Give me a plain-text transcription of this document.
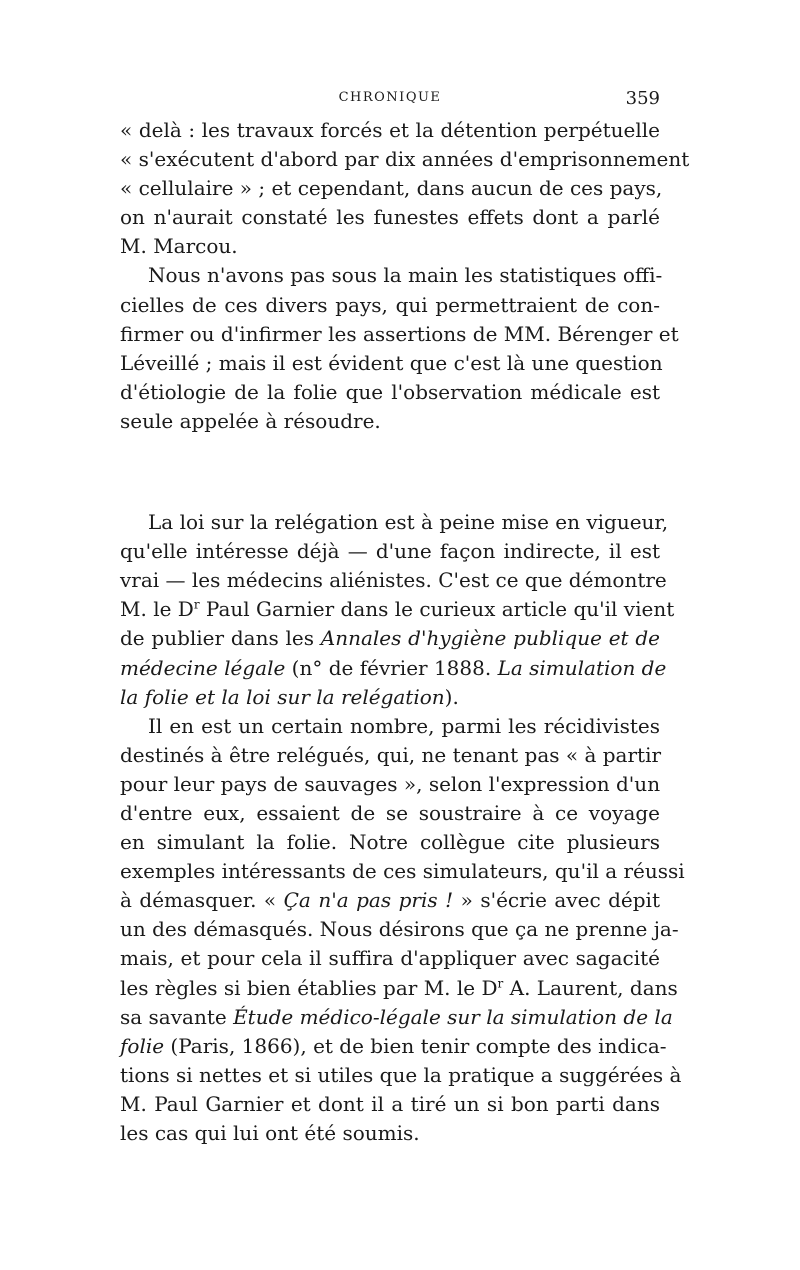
CHRONIQUE	359
« delà : les travaux forcés et la détention perpétuelle
« s'exécutent d'abord par dix années d'emprisonnement
« cellulaire » ; et cependant, dans aucun de ces pays,
on n'aurait constaté les funestes effets dont a parlé
M. Marcou.
Nous n'avons pas sous la main les statistiques offi-
cielles de ces divers pays, qui permettraient de con-
firmer ou d'infirmer les assertions de MM. Bérenger et
Léveillé ; mais il est évident que c'est là une question
d'étiologie de la folie que l'observation médicale est
seule appelée à résoudre.
La loi sur la relégation est à peine mise en vigueur,
qu'elle intéresse déjà — d'une façon indirecte, il est
vrai — les médecins aliénistes. C'est ce que démontre
M. le $D^r$ Paul Garnier dans le curieux article qu'il vient
de publier dans les Annales d'hygiène publique et de
médecine légale (n° de février 1888. La simulation de
la folie et la loi sur la relégation).
Il en est un certain nombre, parmi les récidivistes
destinés à être relégués, qui, ne tenant pas « à partir
pour leur pays de sauvages », selon l'expression d'un
d'entre eux, essaient de se soustraire à ce voyage
en simulant la folie. Notre collègue cite plusieurs
exemples intéressants de ces simulateurs, qu'il a réussi
à démasquer. « Ça n'a pas pris ! » s'écrie avec dépit
un des démasqués. Nous désirons que ça ne prenne ja-
mais, et pour cela il suffira d'appliquer avec sagacité
les règles si bien établies par M. le $D^r$ A. Laurent, dans
sa savante Étude médico-légale sur la simulation de la
folie (Paris, 1866), et de bien tenir compte des indica-
tions si nettes et si utiles que la pratique a suggérées à
M. Paul Garnier et dont il a tiré un si bon parti dans
les cas qui lui ont été soumis.
